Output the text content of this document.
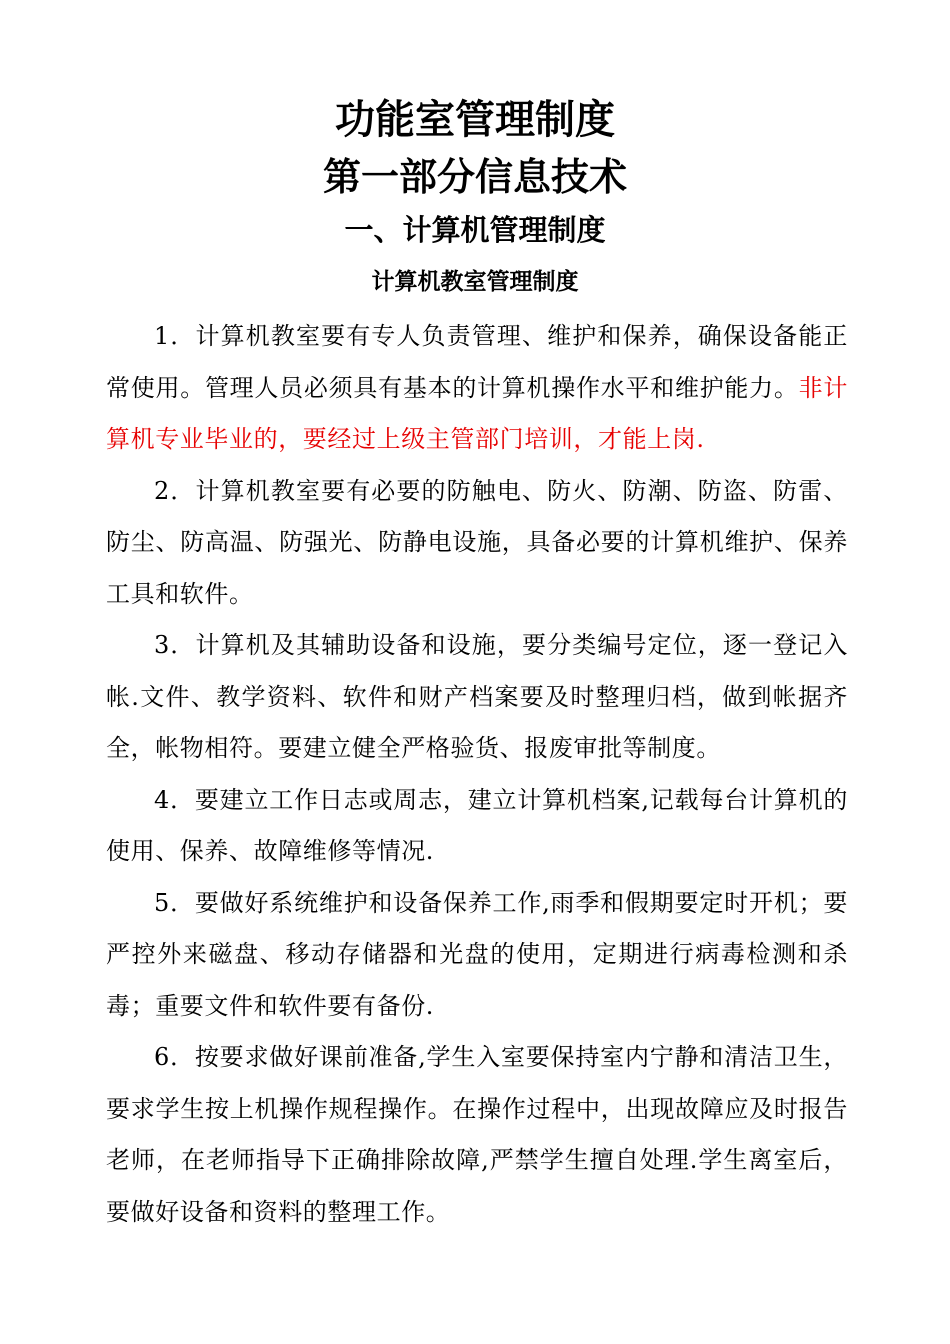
功能室管理制度
第一部分信息技术
一、计算机管理制度
计算机教室管理制度

1．计算机教室要有专人负责管理、维护和保养，确保设备能正常使用。管理人员必须具有基本的计算机操作水平和维护能力。非计算机专业毕业的，要经过上级主管部门培训，才能上岗.

2．计算机教室要有必要的防触电、防火、防潮、防盗、防雷、防尘、防高温、防强光、防静电设施，具备必要的计算机维护、保养工具和软件。

3．计算机及其辅助设备和设施，要分类编号定位，逐一登记入帐.文件、教学资料、软件和财产档案要及时整理归档，做到帐据齐全，帐物相符。要建立健全严格验货、报废审批等制度。

4．要建立工作日志或周志，建立计算机档案,记载每台计算机的使用、保养、故障维修等情况.

5．要做好系统维护和设备保养工作,雨季和假期要定时开机；要严控外来磁盘、移动存储器和光盘的使用，定期进行病毒检测和杀毒；重要文件和软件要有备份.

6．按要求做好课前准备,学生入室要保持室内宁静和清洁卫生，要求学生按上机操作规程操作。在操作过程中，出现故障应及时报告老师，在老师指导下正确排除故障,严禁学生擅自处理.学生离室后，要做好设备和资料的整理工作。
